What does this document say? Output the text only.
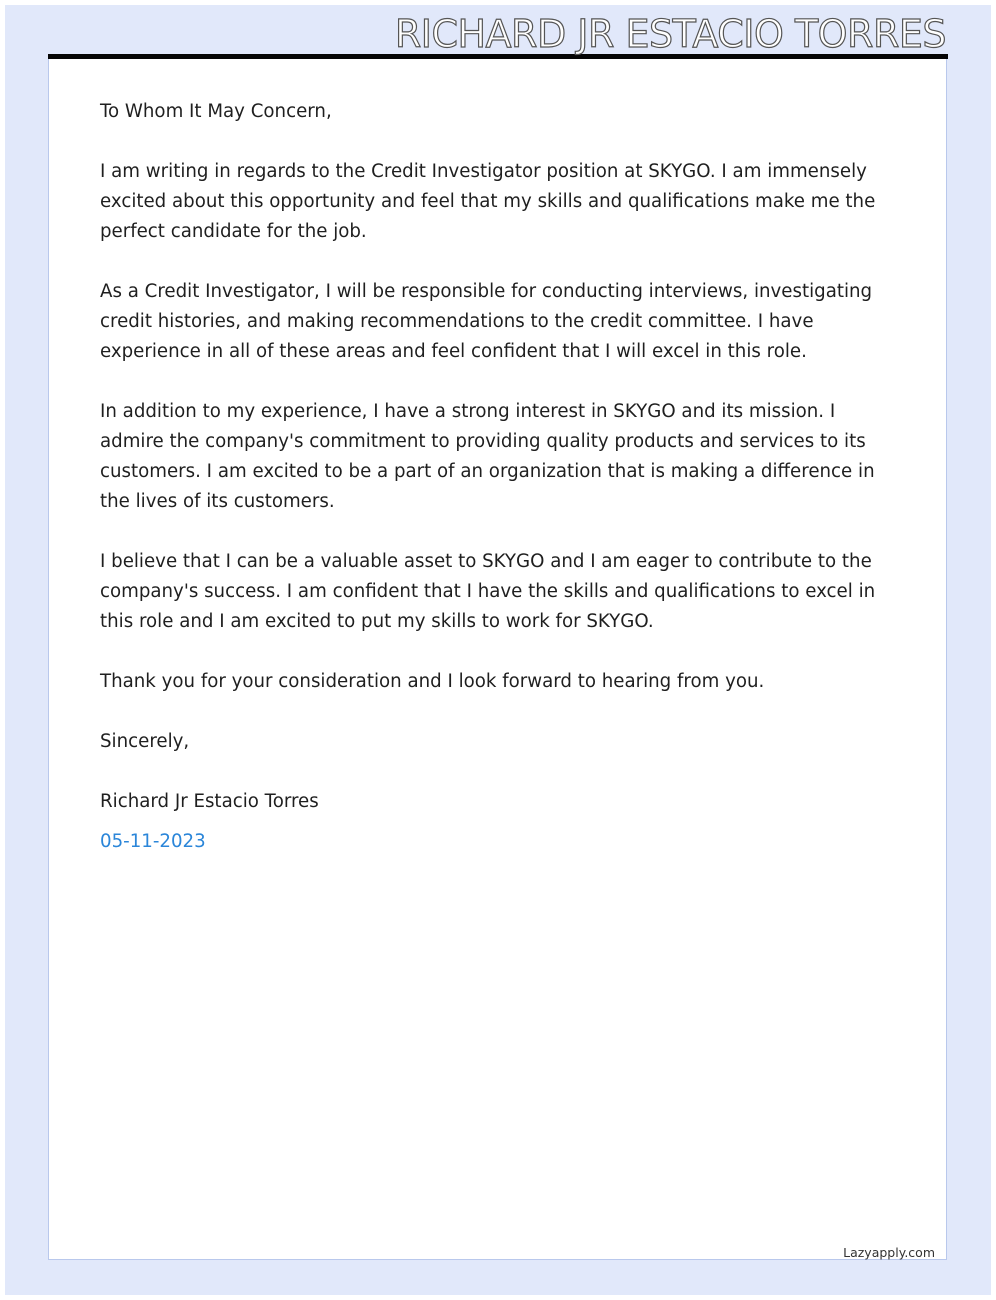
RICHARD JR ESTACIO TORRES

To Whom It May Concern,

I am writing in regards to the Credit Investigator position at SKYGO. I am immensely excited about this opportunity and feel that my skills and qualifications make me the perfect candidate for the job.

As a Credit Investigator, I will be responsible for conducting interviews, investigating credit histories, and making recommendations to the credit committee. I have experience in all of these areas and feel confident that I will excel in this role.

In addition to my experience, I have a strong interest in SKYGO and its mission. I admire the company's commitment to providing quality products and services to its customers. I am excited to be a part of an organization that is making a difference in the lives of its customers.

I believe that I can be a valuable asset to SKYGO and I am eager to contribute to the company's success. I am confident that I have the skills and qualifications to excel in this role and I am excited to put my skills to work for SKYGO.

Thank you for your consideration and I look forward to hearing from you.

Sincerely,

Richard Jr Estacio Torres

05-11-2023

Lazyapply.com
